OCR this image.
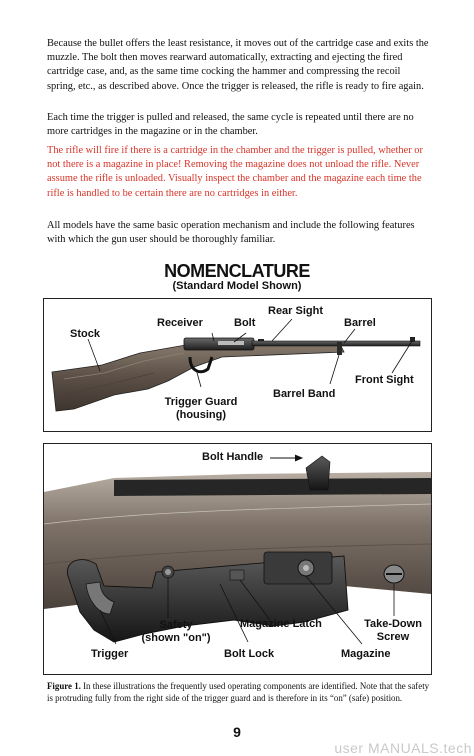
Because the bullet offers the least resistance, it moves out of the cartridge case and exits the muzzle. The bolt then moves rearward automatically, extracting and ejecting the fired cartridge case, and, as the same time cocking the hammer and compressing the recoil spring, etc., as described above. Once the trigger is released, the rifle is ready to fire again.

Each time the trigger is pulled and released, the same cycle is repeated until there are no more cartridges in the magazine or in the chamber.

The rifle will fire if there is a cartridge in the chamber and the trigger is pulled, whether or not there is a magazine in place! Removing the magazine does not unload the rifle. Never assume the rifle is unloaded. Visually inspect the chamber and the magazine each time the rifle is handled to be certain there are no cartridges in either.

All models have the same basic operation mechanism and include the following features with which the gun user should be thoroughly familiar.

NOMENCLATURE
(Standard Model Shown)
Stock
Receiver	Bolt
Rear Sight
Barrel
Front Sight
Barrel Band
Trigger Guard
(housing)
Bolt Handle
Safety
(shown "on")
Magazine Latch	Take-Down
Screw
Trigger	Bolt Lock	Magazine

Figure 1. In these illustrations the frequently used operating components are identified. Note that the safety is protruding fully from the right side of the trigger guard and is therefore in its “on” (safe) position.

9
user MANUALS.tech
